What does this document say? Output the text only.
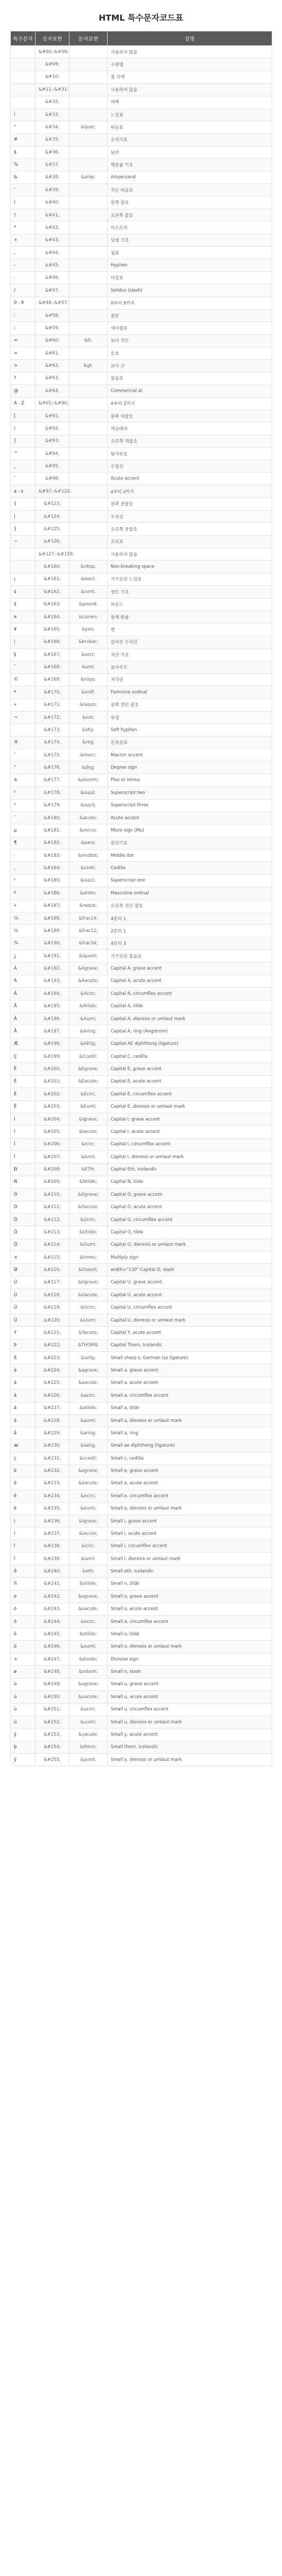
HTML 특수문자코드표
특수문자	숫자표현	문자표현	설명
	&#00;-&#08;		사용하지 않음
	&#09;		수평탭
	&#10;		줄 삭제
	&#11;-&#31;		사용하지 않음
	&#32;		여백
!	&#33;		느낌표
"	&#34;	&quot;	따옴표
#	&#35;		숫자기호
$	&#36;		달러
%	&#37;		백분율 기호
&	&#38;	&amp;	Ampersand
'	&#39;		작은 따옴표
(	&#40;		왼쪽 괄호
)	&#41;		오른쪽 괄호
*	&#42;		아스트릭
+	&#43;		덧셈 기호
,	&#44;		쉼표
-	&#45;		Hyphen
.	&#46;		마침표
/	&#47;		Solidus (slash)
0 - 9	&#48;-&#57;		0부터 9까지
:	&#58;		콜론
;	&#59;		세미콜론
<	&#60;	&lt;	보다 작은
=	&#61;		등호
>	&#62;	&gt;	보다 큰
?	&#63;		물음표
@	&#64;		Commercial at
A - Z	&#65;-&#90;		A부터 Z까지
[	&#91;		왼쪽 대괄호
\	&#92;		역슬래쉬
]	&#93;		오른쪽 대괄호
^	&#94;		탈자부호
_	&#95;		수평선
`	&#96;		Acute accent
a - z	&#97;-&#122;		a부터 z까지
{	&#123;		왼쪽 중괄호
|	&#124;		수직선
}	&#125;		오른쪽 중괄호
~	&#126;		꼬리표
	&#127;-&#159;		사용하지 않음
	&#160;	&nbsp;	Non-breaking space
¡	&#161;	&iexcl;	거꾸로된 느낌표
¢	&#162;	&cent;	센트 기호
£	&#163;	&pound;	파운드
¤	&#164;	&curren;	현재 환율
¥	&#165;	&yen;	엔
¦	&#166;	&brvbar;	끊어진 수직선
§	&#167;	&sect;	섹션 기호
¨	&#168;	&uml;	움라우트
©	&#169;	&copy;	저작권
ª	&#170;	&ordf;	Feminine ordinal
«	&#171;	&laquo;	왼쪽 꺾인 괄호
¬	&#172;	&not;	부정
	&#173;	&shy;	Soft hyphen
®	&#174;	&reg;	등록상표
¯	&#175;	&macr;	Macron accent
°	&#176;	&deg;	Degree sign
±	&#177;	&plusmn;	Plus or minus
²	&#178;	&sup2;	Superscript two
³	&#179;	&sup3;	Superscript three
´	&#180;	&acute;	Acute accent
µ	&#181;	&micro;	Micro sign (Mu)
¶	&#182;	&para;	문단기호
·	&#183;	&middot;	Middle dot
¸	&#184;	&cedil;	Cedilla
¹	&#185;	&sup1;	Superscript one
º	&#186;	&ordm;	Masculine ordinal
»	&#187;	&raquo;	오른쪽 꺾인 괄호
¼	&#188;	&frac14;	4분의 1
½	&#189;	&frac12;	2분의 1
¾	&#190;	&frac34;	4분의 3
¿	&#191;	&iquest;	거꾸로된 물음표
À	&#192;	&Agrave;	Capital A, grave accent
Á	&#193;	&Aacute;	Capital A, acute accent
Â	&#194;	&Acirc;	Capital A, circumflex accent
Ã	&#195;	&Atilde;	Capital A, tilde
Ä	&#196;	&Auml;	Capital A, dieresis or umlaut mark
Å	&#197;	&Aring;	Capital A, ring (Angstrom)
Æ	&#198;	&AElig;	Capital AE diphthong (ligature)
Ç	&#199;	&Ccedil;	Capital C, cedilla
È	&#200;	&Egrave;	Capital E, grave accent
É	&#201;	&Eacute;	Capital E, acute accent
Ê	&#202;	&Ecirc;	Capital E, circumflex accent
Ë	&#203;	&Euml;	Capital E, dieresis or umlaut mark
Ì	&#204;	&Igrave;	Capital I, grave accent
Í	&#205;	&Iacute;	Capital I, acute accent
Î	&#206;	&Icirc;	Capital I, circumflex accent
Ï	&#207;	&Iuml;	Capital I, dieresis or umlaut mark
Ð	&#208;	&ETH;	Capital Eth, Icelandic
Ñ	&#209;	&Ntilde;	Capital N, tilde
Ò	&#210;	&Ograve;	Capital O, grave accent
Ó	&#211;	&Oacute;	Capital O, acute accent
Ô	&#212;	&Ocirc;	Capital O, circumflex accent
Õ	&#213;	&Otilde;	Capital O, tilde
Ö	&#214;	&Ouml;	Capital O, dieresis or umlaut mark
×	&#215;	&times;	Multiply sign
Ø	&#216;	&Oslash;	width="130" Capital O, slash
Ù	&#217;	&Ugrave;	Capital U, grave accent
Ú	&#218;	&Uacute;	Capital U, acute accent
Û	&#219;	&Ucirc;	Capital U, circumflex accent
Ü	&#220;	&Uuml;	Capital U, dieresis or umlaut mark
Ý	&#221;	&Yacute;	Capital Y, acute accent
Þ	&#222;	&THORN;	Capital Thorn, Icelandic
ß	&#223;	&szlig;	Small sharp s, German (sz ligature)
à	&#224;	&agrave;	Small a, grave accent
á	&#225;	&aacute;	Small a, acute accent
â	&#226;	&acirc;	Small a, circumflex accent
ã	&#227;	&atilde;	Small a, tilde
ä	&#228;	&auml;	Small a, dieresis or umlaut mark
å	&#229;	&aring;	Small a, ring
æ	&#230;	&aelig;	Small ae diphthong (ligature)
ç	&#231;	&ccedil;	Small c, cedilla
è	&#232;	&egrave;	Small e, grave accent
é	&#233;	&eacute;	Small e, acute accent
ê	&#234;	&ecirc;	Small e, circumflex accent
ë	&#235;	&euml;	Small e, dieresis or umlaut mark
ì	&#236;	&igrave;	Small i, grave accent
í	&#237;	&iacute;	Small i, acute accent
î	&#238;	&icirc;	Small i, circumflex accent
ï	&#239;	&iuml;	Small i, dieresis or umlaut mark
ð	&#240;	&eth;	Small eth, Icelandic
ñ	&#241;	&ntilde;	Small n, tilde
ò	&#242;	&ograve;	Small o, grave accent
ó	&#243;	&oacute;	Small o, acute accent
ô	&#244;	&ocirc;	Small o, circumflex accent
õ	&#245;	&otilde;	Small o, tilde
ö	&#246;	&ouml;	Small o, dieresis or umlaut mark
÷	&#247;	&divide;	Division sign
ø	&#248;	&oslash;	Small o, slash
ù	&#249;	&ugrave;	Small u, grave accent
ú	&#250;	&uacute;	Small u, acute accent
û	&#251;	&ucirc;	Small u, circumflex accent
ü	&#252;	&uuml;	Small u, dieresis or umlaut mark
ý	&#253;	&yacute;	Small y, acute accent
þ	&#254;	&thorn;	Small thorn, Icelandic
ÿ	&#255;	&yuml;	Small y, dieresis or umlaut mark
